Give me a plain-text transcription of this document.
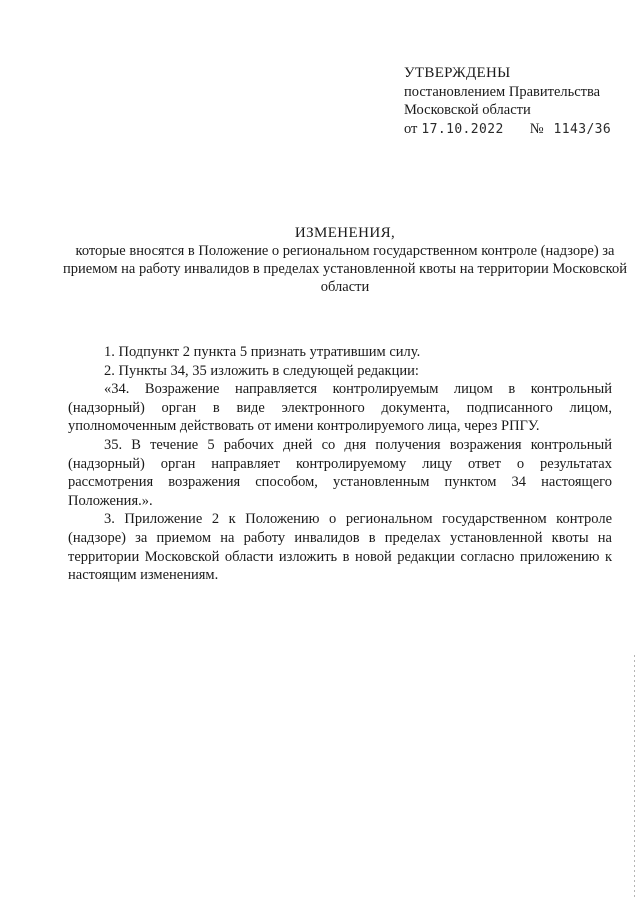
УТВЕРЖДЕНЫ
постановлением Правительства
Московской области
от 17.10.2022 № 1143/36
ИЗМЕНЕНИЯ,
которые вносятся в Положение о региональном государственном контроле (надзоре) за приемом на работу инвалидов в пределах установленной квоты на территории Московской области

1. Подпункт 2 пункта 5 признать утратившим силу.

2. Пункты 34, 35 изложить в следующей редакции:

«34. Возражение направляется контролируемым лицом в контрольный (надзорный) орган в виде электронного документа, подписанного лицом, уполномоченным действовать от имени контролируемого лица, через РПГУ.

35. В течение 5 рабочих дней со дня получения возражения контрольный (надзорный) орган направляет контролируемому лицу ответ о результатах рассмотрения возражения способом, установленным пунктом 34 настоящего Положения.».

3. Приложение 2 к Положению о региональном государственном контроле (надзоре) за приемом на работу инвалидов в пределах установленной квоты на территории Московской области изложить в новой редакции согласно приложению к настоящим изменениям.
